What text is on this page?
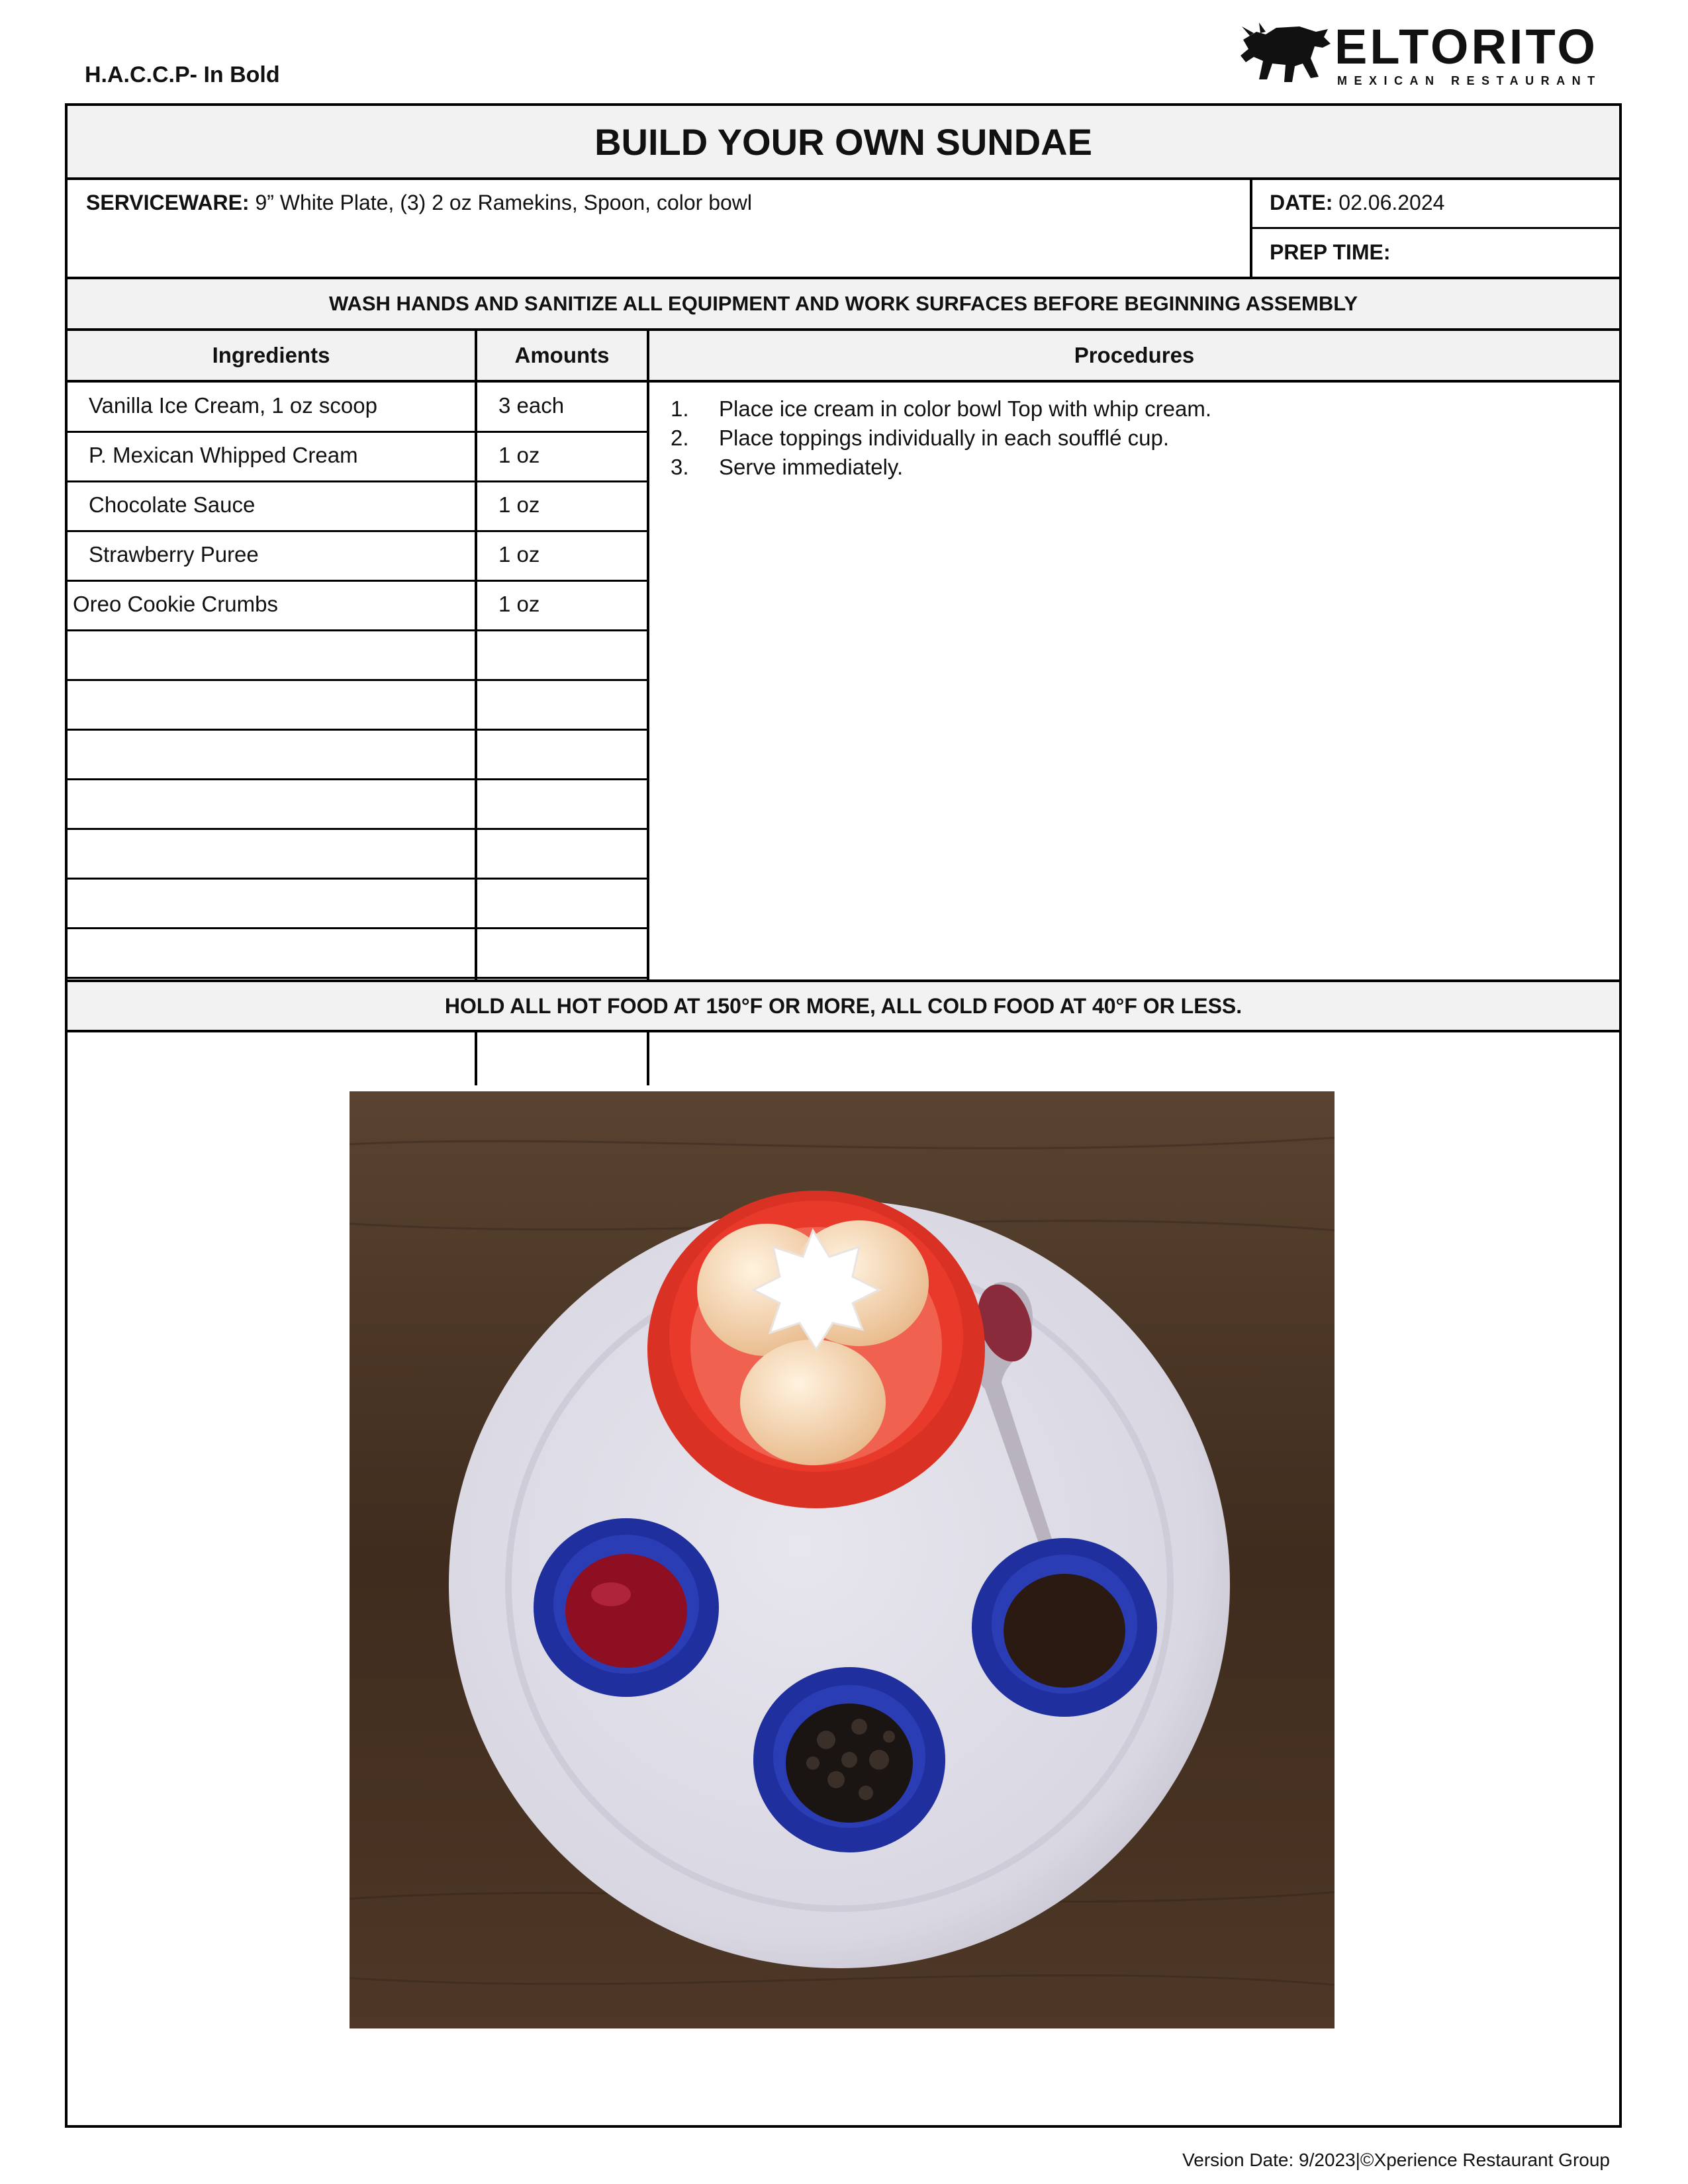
H.A.C.C.P- In Bold
ELTORITO
MEXICAN RESTAURANT
BUILD YOUR OWN SUNDAE
SERVICEWARE: 9” White Plate, (3) 2 oz Ramekins, Spoon, color bowl	DATE: 02.06.2024
PREP TIME:
WASH HANDS AND SANITIZE ALL EQUIPMENT AND WORK SURFACES BEFORE BEGINNING ASSEMBLY
Ingredients	Amounts	Procedures
Vanilla Ice Cream, 1 oz scoop	3 each
P. Mexican Whipped Cream	1 oz
Chocolate Sauce	1 oz
Strawberry Puree	1 oz
Oreo Cookie Crumbs	1 oz
1. Place ice cream in color bowl Top with whip cream.
2. Place toppings individually in each soufflé cup.
3. Serve immediately.
HOLD ALL HOT FOOD AT 150°F OR MORE, ALL COLD FOOD AT 40°F OR LESS.
Version Date: 9/2023|©Xperience Restaurant Group
